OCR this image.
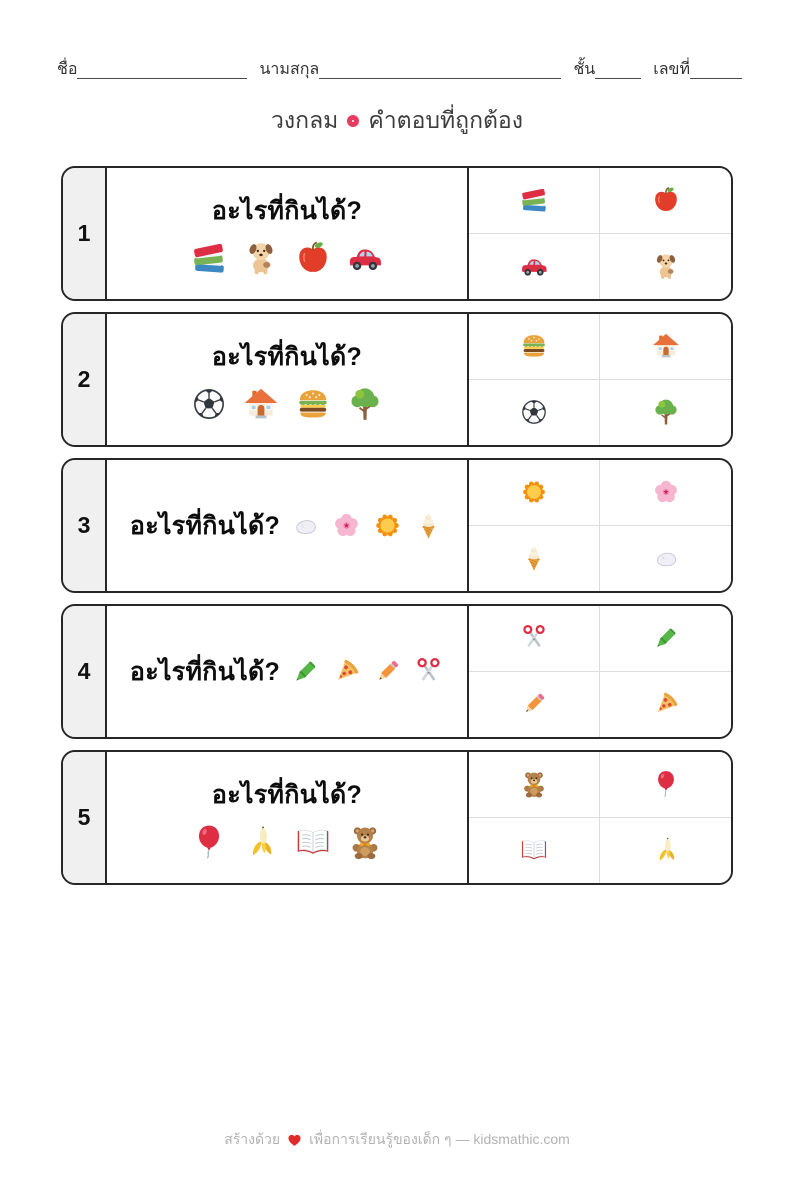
ชื่อ	นามสกุล	ชั้น	เลขที่
วงกลม คำตอบที่ถูกต้อง
1
อะไรที่กินได้?
2
อะไรที่กินได้?
3	อะไรที่กินได้?
4	อะไรที่กินได้?
5
อะไรที่กินได้?
สร้างด้วย เพื่อการเรียนรู้ของเด็ก ๆ — kidsmathic.com
